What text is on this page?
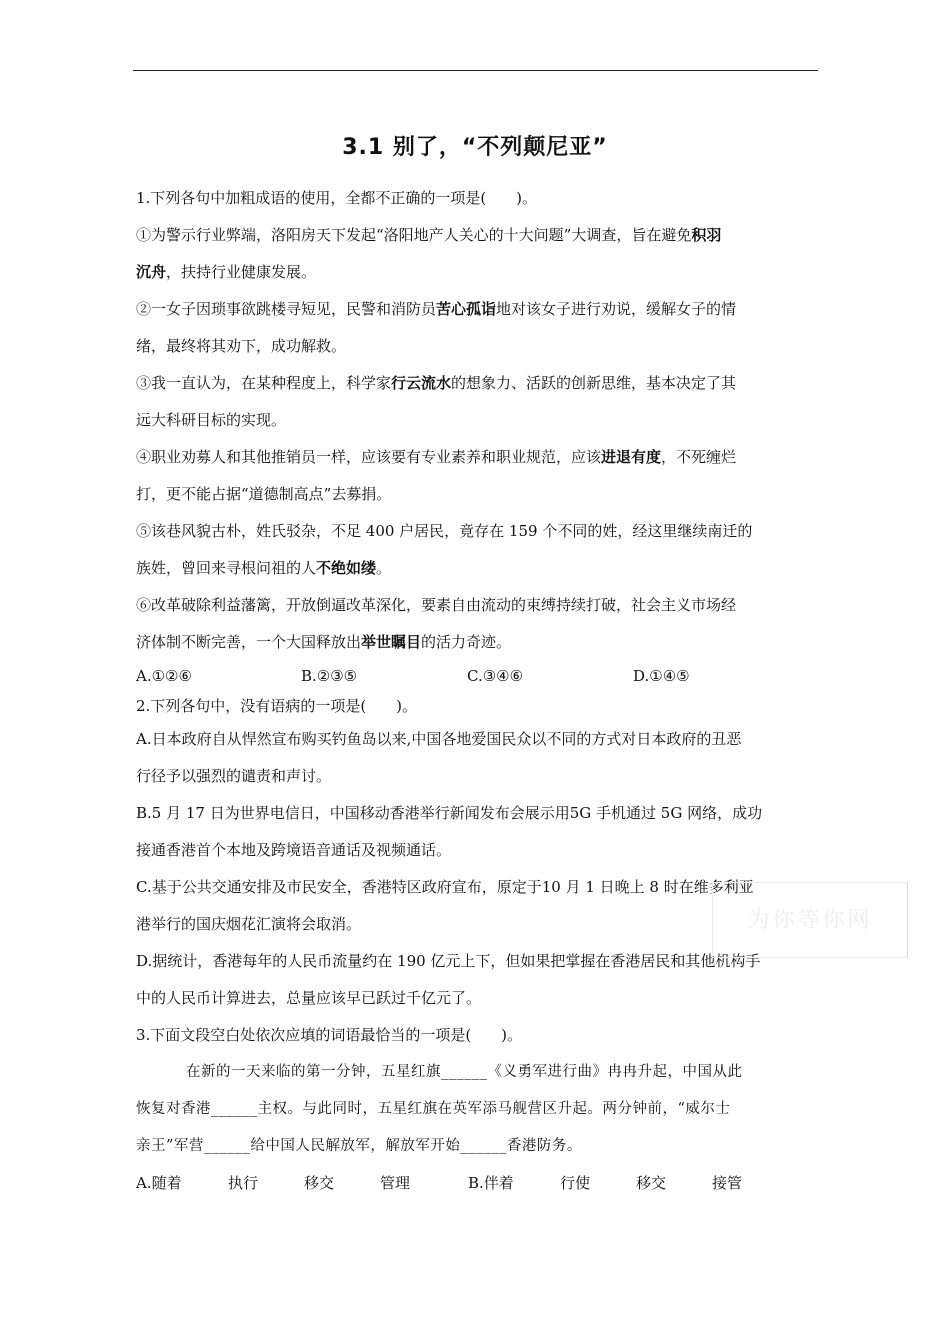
3.1 别了，“不列颠尼亚”
1.下列各句中加粗成语的使用，全都不正确的一项是(　　)。
①为警示行业弊端，洛阳房天下发起“洛阳地产人关心的十大问题”大调查，旨在避免积羽
沉舟，扶持行业健康发展。
②一女子因琐事欲跳楼寻短见，民警和消防员苦心孤诣地对该女子进行劝说，缓解女子的情
绪，最终将其劝下，成功解救。
③我一直认为，在某种程度上，科学家行云流水的想象力、活跃的创新思维，基本决定了其
远大科研目标的实现。
④职业劝募人和其他推销员一样，应该要有专业素养和职业规范，应该进退有度，不死缠烂
打，更不能占据“道德制高点”去募捐。
⑤该巷风貌古朴，姓氏驳杂，不足 400 户居民，竟存在 159 个不同的姓，经这里继续南迁的
族姓，曾回来寻根问祖的人不绝如缕。
⑥改革破除利益藩篱，开放倒逼改革深化，要素自由流动的束缚持续打破，社会主义市场经
济体制不断完善，一个大国释放出举世瞩目的活力奇迹。
A.①②⑥	B.②③⑤	C.③④⑥	D.①④⑤
2.下列各句中，没有语病的一项是(　　)。
A.日本政府自从悍然宣布购买钓鱼岛以来,中国各地爱国民众以不同的方式对日本政府的丑恶
行径予以强烈的谴责和声讨。
B.5 月 17 日为世界电信日，中国移动香港举行新闻发布会展示用5G 手机通过 5G 网络，成功
接通香港首个本地及跨境语音通话及视频通话。
C.基于公共交通安排及市民安全，香港特区政府宣布，原定于10 月 1 日晚上 8 时在维多利亚
港举行的国庆烟花汇演将会取消。
D.据统计，香港每年的人民币流量约在 190 亿元上下，但如果把掌握在香港居民和其他机构手
中的人民币计算进去，总量应该早已跃过千亿元了。
3.下面文段空白处依次应填的词语最恰当的一项是(　　)。
在新的一天来临的第一分钟，五星红旗______《义勇军进行曲》冉冉升起，中国从此
恢复对香港______主权。与此同时，五星红旗在英军添马舰营区升起。两分钟前，“威尔士
亲王”军营______给中国人民解放军，解放军开始______香港防务。
A.随着	执行	移交	管理	B.伴着	行使	移交	接管
为你等你网
